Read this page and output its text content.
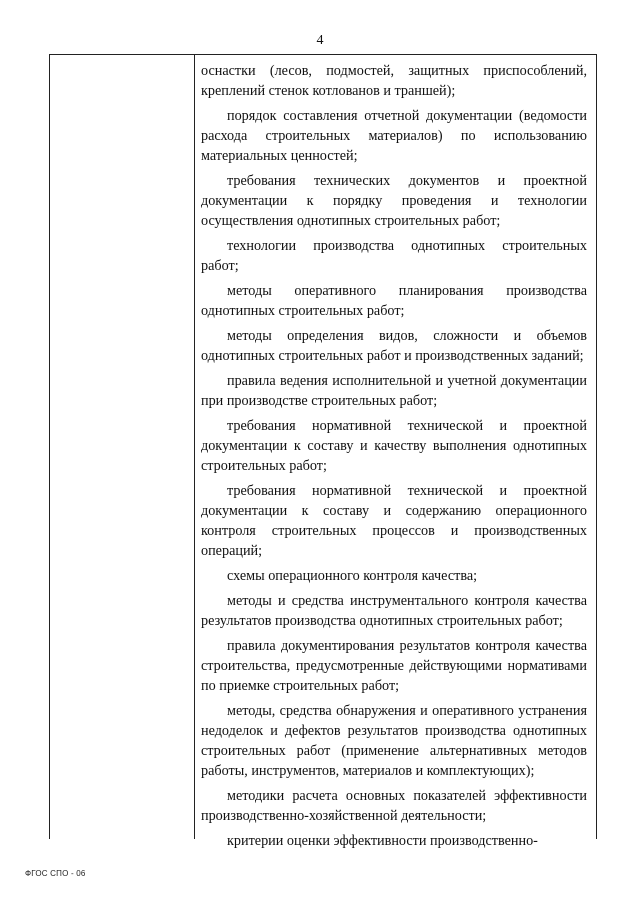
4

оснастки (лесов, подмостей, защитных приспособлений, креплений стенок котлованов и траншей);

порядок составления отчетной документации (ведомости расхода строительных материалов) по использованию материальных ценностей;

требования технических документов и проектной документации к порядку проведения и технологии осуществления однотипных строительных работ;

технологии производства однотипных строительных работ;

методы оперативного планирования производства однотипных строительных работ;

методы определения видов, сложности и объемов однотипных строительных работ и производственных заданий;

правила ведения исполнительной и учетной документации при производстве строительных работ;

требования нормативной технической и проектной документации к составу и качеству выполнения однотипных строительных работ;

требования нормативной технической и проектной документации к составу и содержанию операционного контроля строительных процессов и производственных операций;

схемы операционного контроля качества;

методы и средства инструментального контроля качества результатов производства однотипных строительных работ;

правила документирования результатов контроля качества строительства, предусмотренные действующими нормативами по приемке строительных работ;

методы, средства обнаружения и оперативного устранения недоделок и дефектов результатов производства однотипных строительных работ (применение альтернативных методов работы, инструментов, материалов и комплектующих);

методики расчета основных показателей эффективности производственно-хозяйственной деятельности;

критерии оценки эффективности производственно-

ФГОС СПО - 06
